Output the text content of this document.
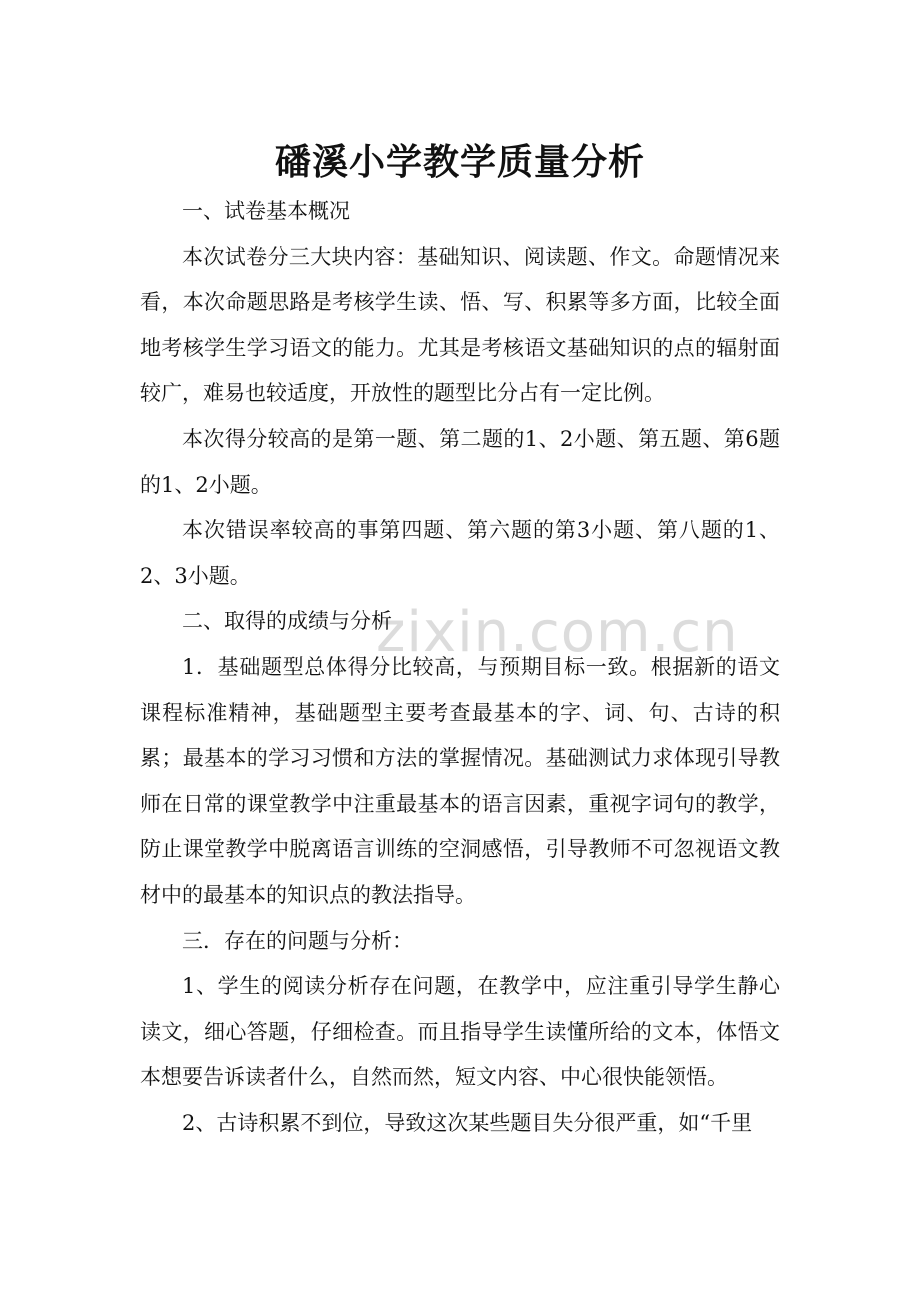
zixin.com.cn
磻溪小学教学质量分析

一、试卷基本概况

本次试卷分三大块内容：基础知识、阅读题、作文。命题情况来看，本次命题思路是考核学生读、悟、写、积累等多方面，比较全面地考核学生学习语文的能力。尤其是考核语文基础知识的点的辐射面较广，难易也较适度，开放性的题型比分占有一定比例。

本次得分较高的是第一题、第二题的1、2小题、第五题、第6题的1、2小题。

本次错误率较高的事第四题、第六题的第3小题、第八题的1、2、3小题。

二、取得的成绩与分析

1．基础题型总体得分比较高，与预期目标一致。根据新的语文课程标准精神，基础题型主要考查最基本的字、词、句、古诗的积累；最基本的学习习惯和方法的掌握情况。基础测试力求体现引导教师在日常的课堂教学中注重最基本的语言因素，重视字词句的教学，防止课堂教学中脱离语言训练的空洞感悟，引导教师不可忽视语文教材中的最基本的知识点的教法指导。

三．存在的问题与分析：

1、学生的阅读分析存在问题，在教学中，应注重引导学生静心读文，细心答题，仔细检查。而且指导学生读懂所给的文本，体悟文本想要告诉读者什么，自然而然，短文内容、中心很快能领悟。

2、古诗积累不到位，导致这次某些题目失分很严重，如“千里
